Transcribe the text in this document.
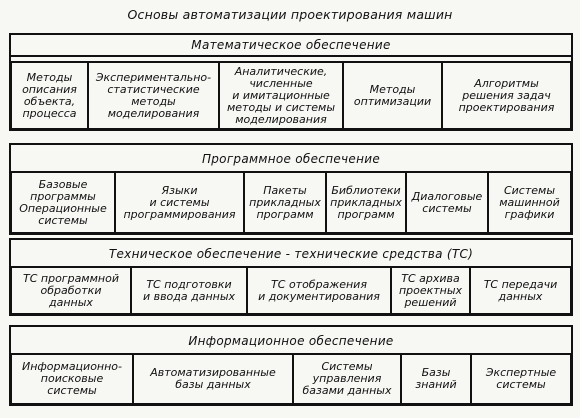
Основы автоматизации проектирования машин
Математическое обеспечение
Методы
описания
объекта,
процесса
Экспериментально-
статистические
методы
моделирования
Аналитические,
численные
и имитационные
методы и системы
моделирования
Методы
оптимизации
Алгоритмы
решения задач
проектирования
Программное обеспечение
Базовые
программы
Операционные
системы
Языки
и системы
программирования
Пакеты
прикладных
программ
Библиотеки
прикладных
программ
Диалоговые
системы
Системы
машинной
графики
Техническое обеспечение - технические средства (ТС)
ТС программной
обработки
данных
ТС подготовки
и ввода данных
ТС отображения
и документирования
ТС архива
проектных
решений
ТС передачи
данных
Информационное обеспечение
Информационно-
поисковые
системы
Автоматизированные
базы данных
Системы
управления
базами данных
Базы
знаний
Экспертные
системы
